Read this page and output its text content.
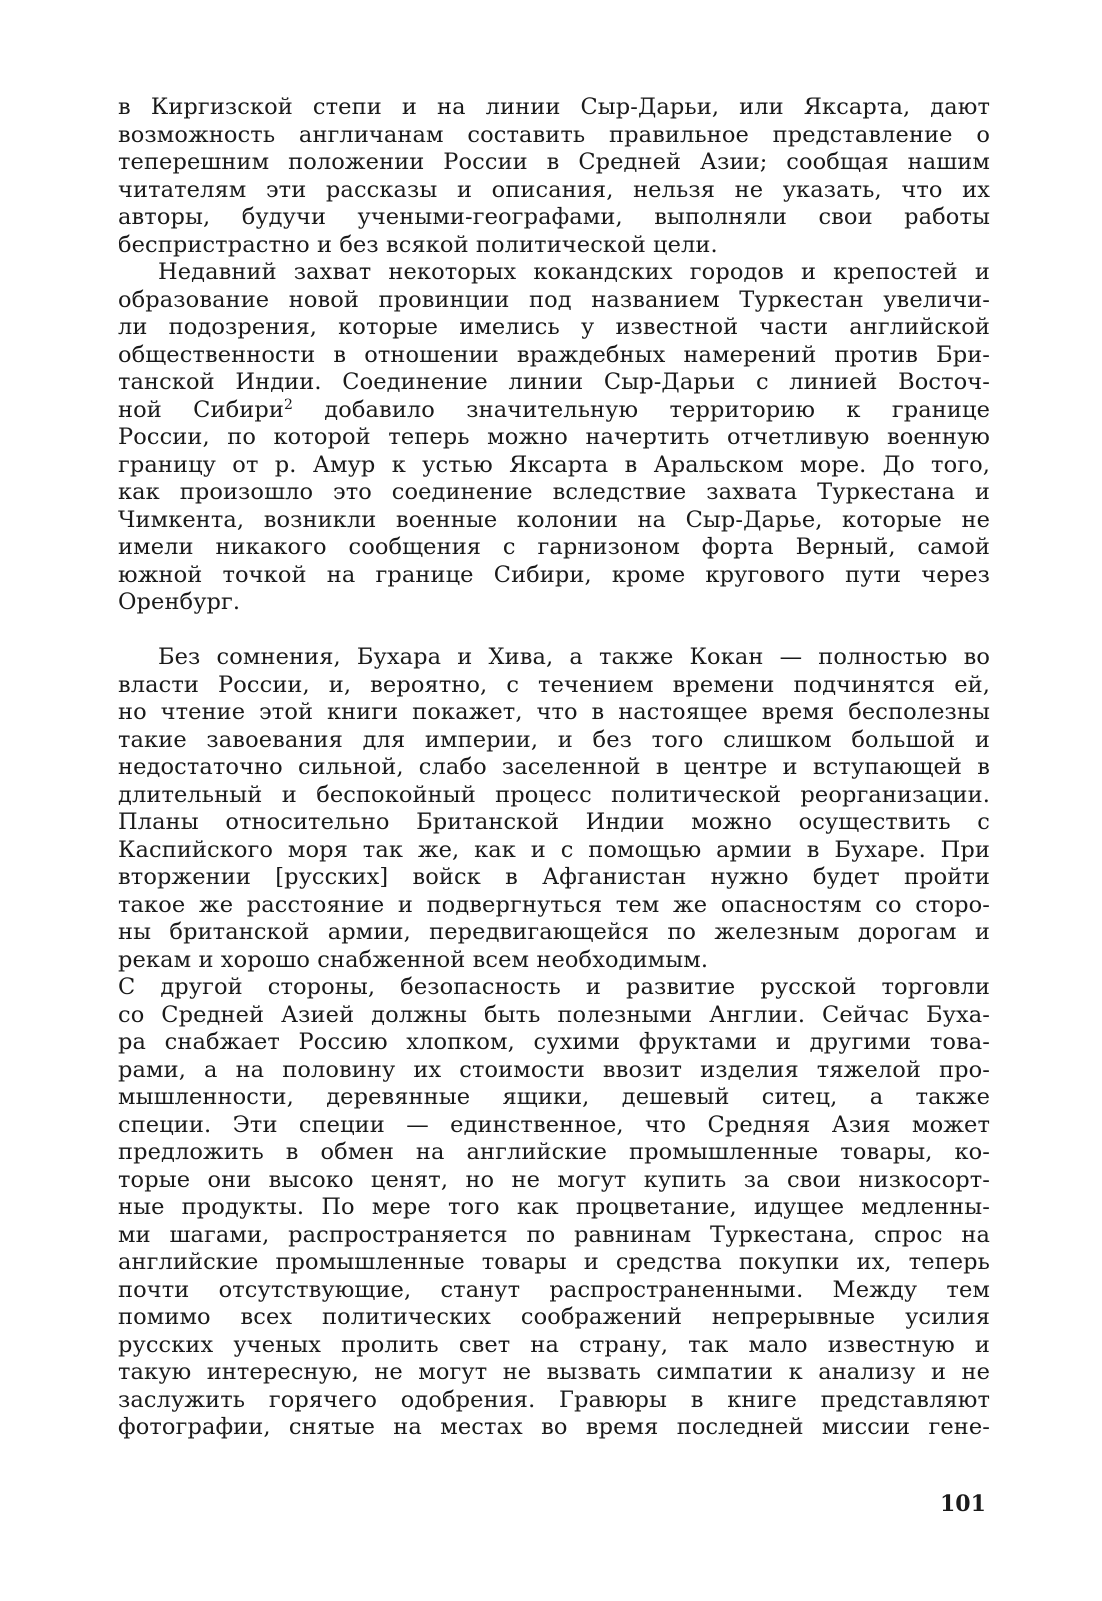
в Киргизской степи и на линии Сыр-Дарьи, или Яксарта, дают
возможность англичанам составить правильное представление о
теперешним положении России в Средней Азии; сообщая нашим
читателям эти рассказы и описания, нельзя не указать, что их
авторы, будучи учеными-географами, выполняли свои работы
беспристрастно и без всякой политической цели.
Недавний захват некоторых кокандских городов и крепостей и
образование новой провинции под названием Туркестан увеличи-
ли подозрения, которые имелись у известной части английской
общественности в отношении враждебных намерений против Бри-
танской Индии. Соединение линии Сыр-Дарьи с линией Восточ-
ной Сибири$^2$ добавило значительную территорию к границе
России, по которой теперь можно начертить отчетливую военную
границу от р. Амур к устью Яксарта в Аральском море. До того,
как произошло это соединение вследствие захвата Туркестана и
Чимкента, возникли военные колонии на Сыр-Дарье, которые не
имели никакого сообщения с гарнизоном форта Верный, самой
южной точкой на границе Сибири, кроме кругового пути через
Оренбург.
Без сомнения, Бухара и Хива, а также Кокан — полностью во
власти России, и, вероятно, с течением времени подчинятся ей,
но чтение этой книги покажет, что в настоящее время бесполезны
такие завоевания для империи, и без того слишком большой и
недостаточно сильной, слабо заселенной в центре и вступающей в
длительный и беспокойный процесс политической реорганизации.
Планы относительно Британской Индии можно осуществить с
Каспийского моря так же, как и с помощью армии в Бухаре. При
вторжении [русских] войск в Афганистан нужно будет пройти
такое же расстояние и подвергнуться тем же опасностям со сторо-
ны британской армии, передвигающейся по железным дорогам и
рекам и хорошо снабженной всем необходимым.
С другой стороны, безопасность и развитие русской торговли
со Средней Азией должны быть полезными Англии. Сейчас Буха-
ра снабжает Россию хлопком, сухими фруктами и другими това-
рами, а на половину их стоимости ввозит изделия тяжелой про-
мышленности, деревянные ящики, дешевый ситец, а также
специи. Эти специи — единственное, что Средняя Азия может
предложить в обмен на английские промышленные товары, ко-
торые они высоко ценят, но не могут купить за свои низкосорт-
ные продукты. По мере того как процветание, идущее медленны-
ми шагами, распространяется по равнинам Туркестана, спрос на
английские промышленные товары и средства покупки их, теперь
почти отсутствующие, станут распространенными. Между тем
помимо всех политических соображений непрерывные усилия
русских ученых пролить свет на страну, так мало известную и
такую интересную, не могут не вызвать симпатии к анализу и не
заслужить горячего одобрения. Гравюры в книге представляют
фотографии, снятые на местах во время последней миссии гене-
101
